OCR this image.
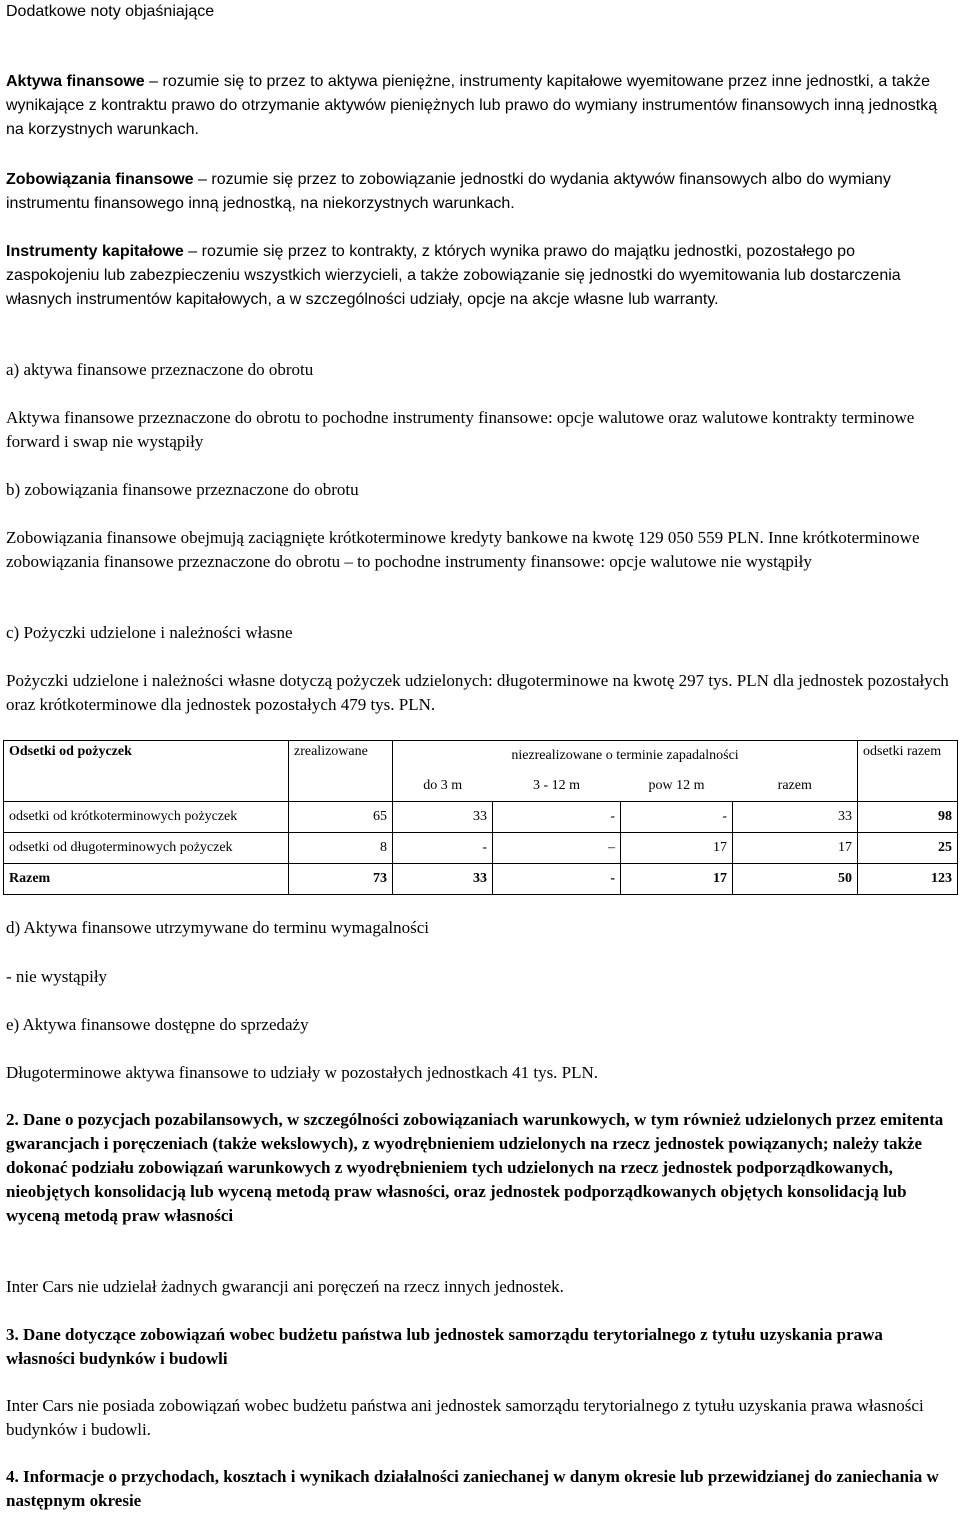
Dodatkowe noty objaśniające

Aktywa finansowe – rozumie się to przez to aktywa pieniężne, instrumenty kapitałowe wyemitowane przez inne jednostki, a także wynikające z kontraktu prawo do otrzymanie aktywów pieniężnych lub prawo do wymiany instrumentów finansowych inną jednostką na korzystnych warunkach.

Zobowiązania finansowe – rozumie się przez to zobowiązanie jednostki do wydania aktywów finansowych albo do wymiany instrumentu finansowego inną jednostką, na niekorzystnych warunkach.

Instrumenty kapitałowe – rozumie się przez to kontrakty, z których wynika prawo do majątku jednostki, pozostałego po zaspokojeniu lub zabezpieczeniu wszystkich wierzycieli, a także zobowiązanie się jednostki do wyemitowania lub dostarczenia własnych instrumentów kapitałowych, a w szczególności udziały, opcje na akcje własne lub warranty.

a) aktywa finansowe przeznaczone do obrotu

Aktywa finansowe przeznaczone do obrotu to pochodne instrumenty finansowe: opcje walutowe oraz walutowe kontrakty terminowe forward i swap nie wystąpiły

b) zobowiązania finansowe przeznaczone do obrotu

Zobowiązania finansowe obejmują zaciągnięte krótkoterminowe kredyty bankowe na kwotę 129 050 559 PLN. Inne krótkoterminowe zobowiązania finansowe przeznaczone do obrotu – to pochodne instrumenty finansowe: opcje walutowe nie wystąpiły

c) Pożyczki udzielone i należności własne

Pożyczki udzielone i należności własne dotyczą pożyczek udzielonych: długoterminowe na kwotę 297 tys. PLN dla jednostek pozostałych oraz krótkoterminowe dla jednostek pozostałych 479 tys. PLN.

Odsetki od pożyczek	zrealizowane	niezrealizowane o terminie zapadalności				odsetki razem
		do 3 m	3 - 12 m	pow 12 m	razem	
odsetki od krótkoterminowych pożyczek	65	33	-	-	33	98
odsetki od długoterminowych pożyczek	8	-	–	17	17	25
Razem	73	33	-	17	50	123

d) Aktywa finansowe utrzymywane do terminu wymagalności

- nie wystąpiły

e) Aktywa finansowe dostępne do sprzedaży

Długoterminowe aktywa finansowe to udziały w pozostałych jednostkach 41 tys. PLN.

2. Dane o pozycjach pozabilansowych, w szczególności zobowiązaniach warunkowych, w tym również udzielonych przez emitenta gwarancjach i poręczeniach (także wekslowych), z wyodrębnieniem udzielonych na rzecz jednostek powiązanych; należy także dokonać podziału zobowiązań warunkowych z wyodrębnieniem tych udzielonych na rzecz jednostek podporządkowanych, nieobjętych konsolidacją lub wyceną metodą praw własności, oraz jednostek podporządkowanych objętych konsolidacją lub wyceną metodą praw własności

Inter Cars nie udzielał żadnych gwarancji ani poręczeń na rzecz innych jednostek.

3. Dane dotyczące zobowiązań wobec budżetu państwa lub jednostek samorządu terytorialnego z tytułu uzyskania prawa własności budynków i budowli

Inter Cars nie posiada zobowiązań wobec budżetu państwa ani jednostek samorządu terytorialnego z tytułu uzyskania prawa własności budynków i budowli.

4. Informacje o przychodach, kosztach i wynikach działalności zaniechanej w danym okresie lub przewidzianej do zaniechania w następnym okresie
